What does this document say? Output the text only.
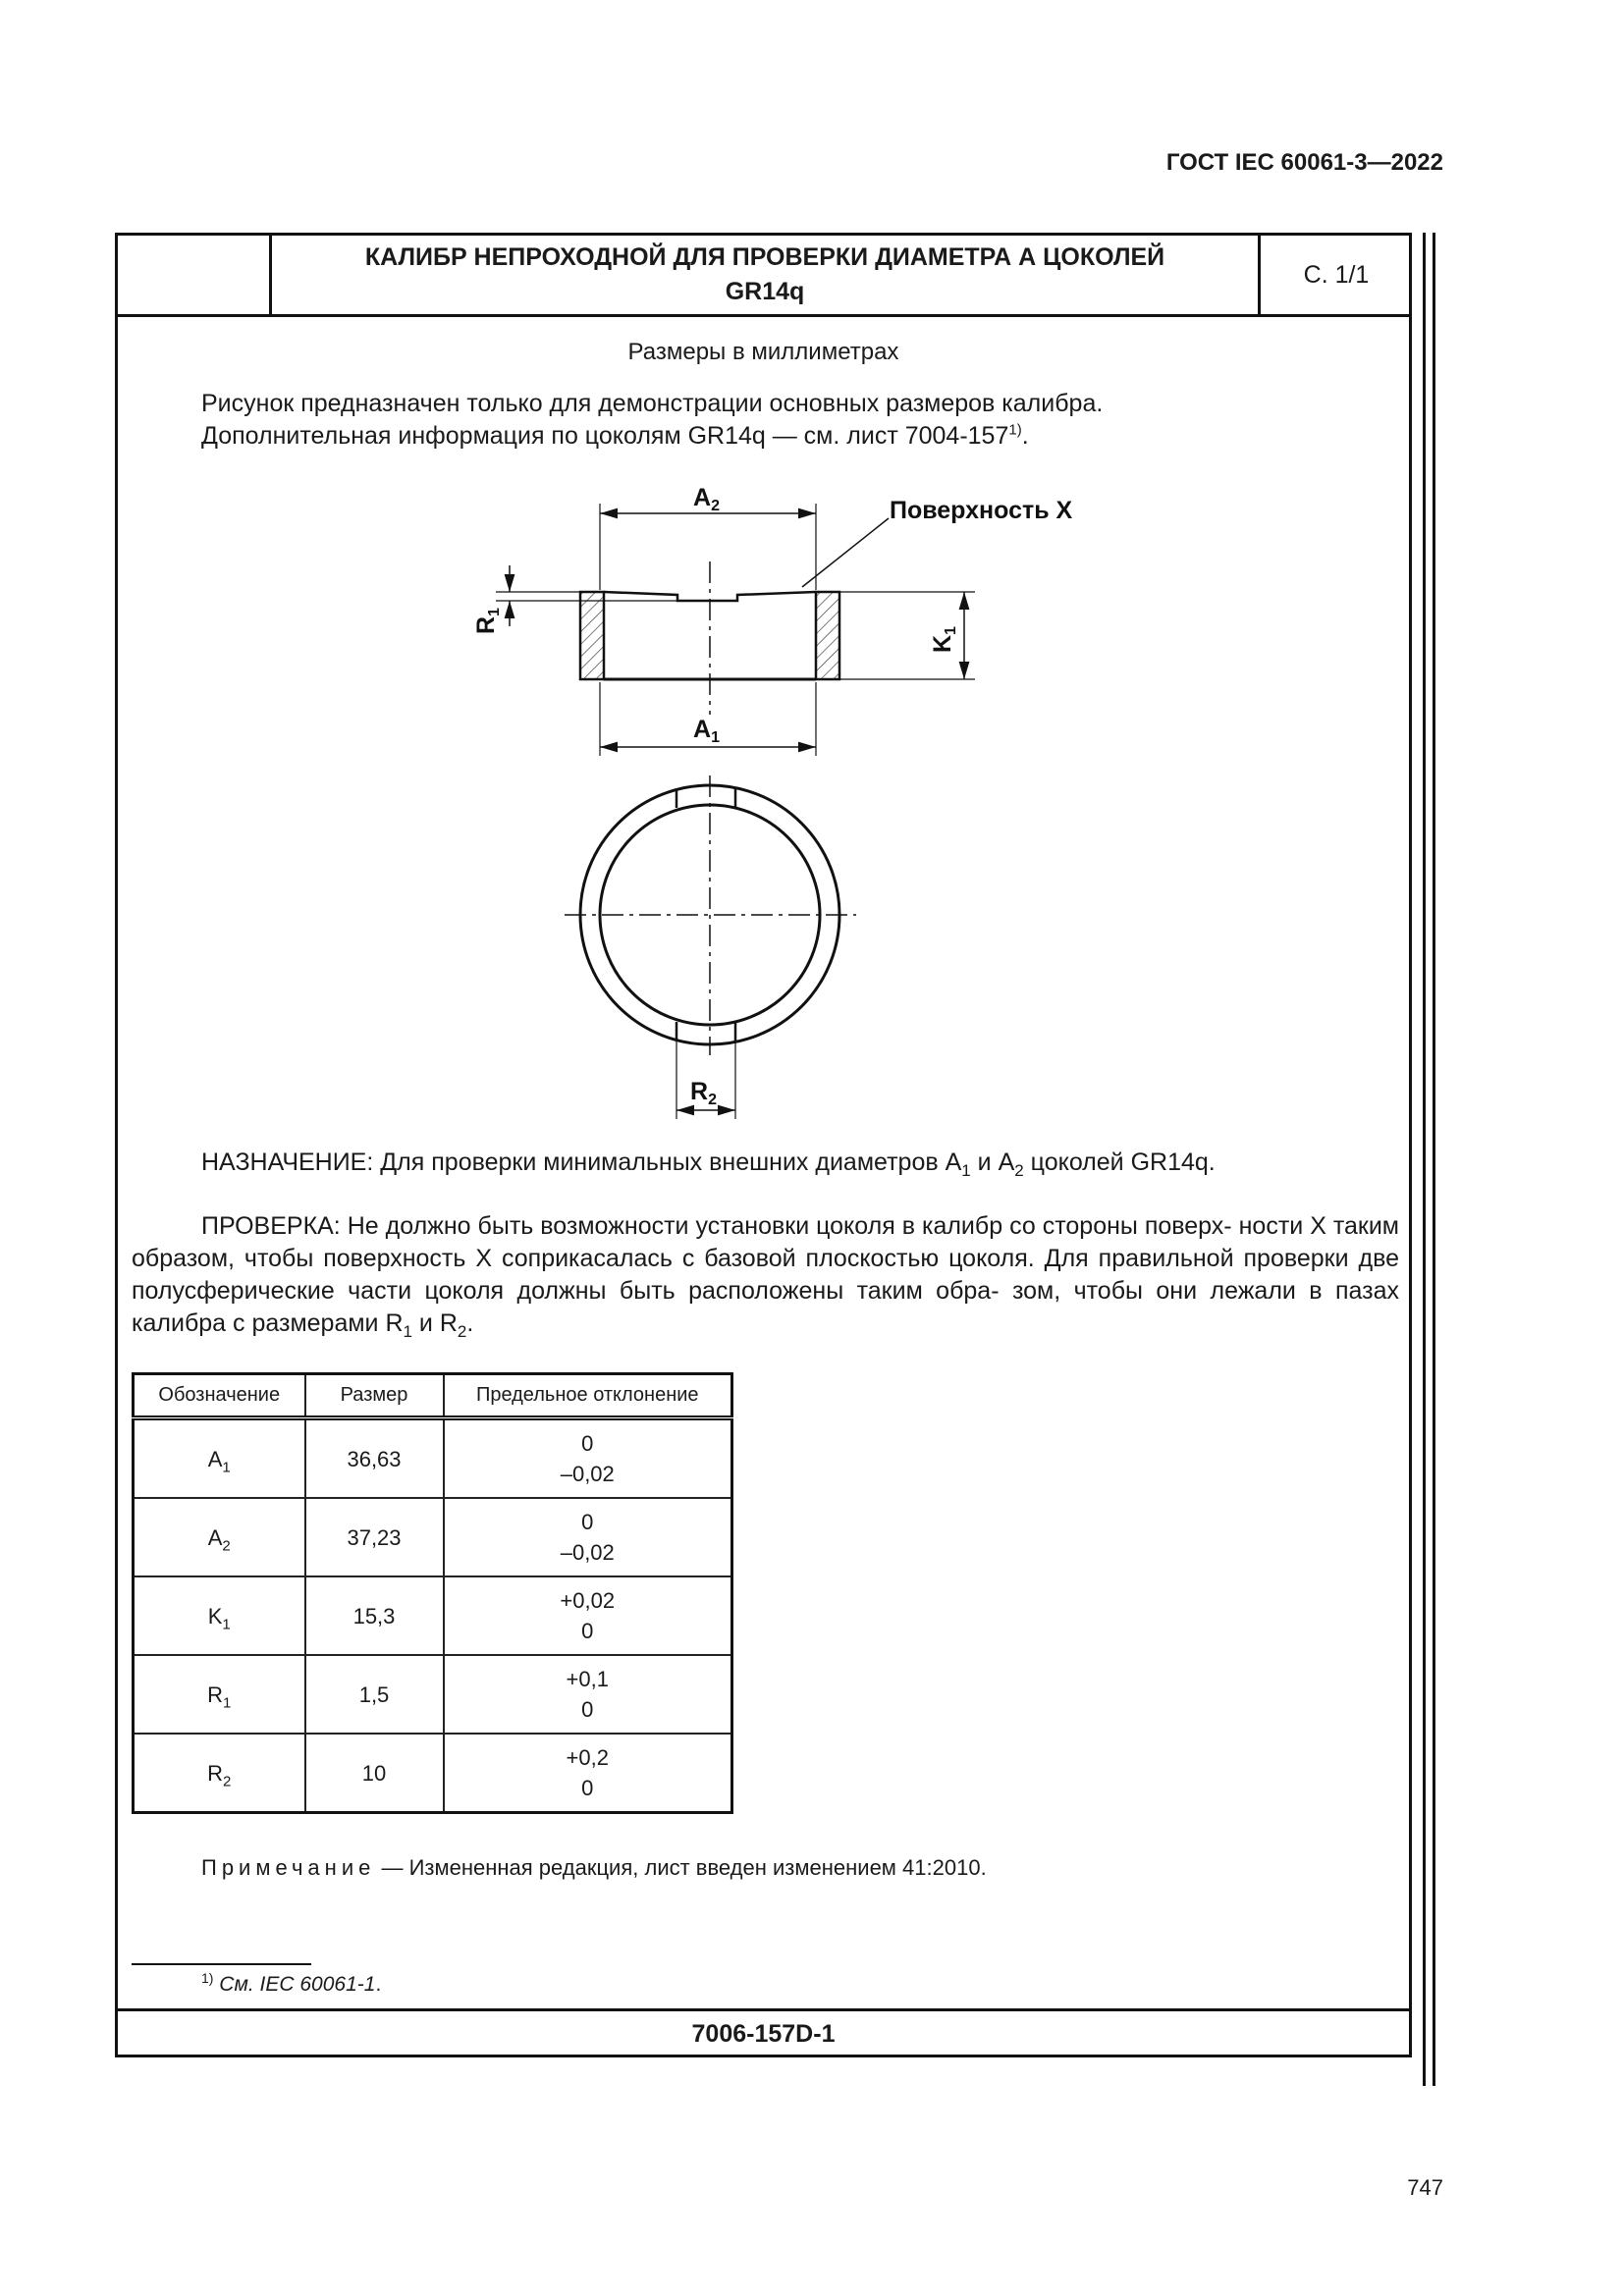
ГОСТ IEC 60061-3—2022
КАЛИБР НЕПРОХОДНОЙ ДЛЯ ПРОВЕРКИ ДИАМЕТРА А ЦОКОЛЕЙ
GR14q
С. 1/1
Размеры в миллиметрах
Рисунок предназначен только для демонстрации основных размеров калибра.
Дополнительная информация по цоколям GR14q — см. лист 7004-157$^{1)}$.
$A_2$	Поверхность X
$A_1$
$R_1$
$K_1$
$R_2$
НАЗНАЧЕНИЕ: Для проверки минимальных внешних диаметров $A_1$ и $A_2$ цоколей GR14q.

ПРОВЕРКА: Не должно быть возможности установки цоколя в калибр со стороны поверх- ности X таким образом, чтобы поверхность X соприкасалась с базовой плоскостью цоколя. Для правильной проверки две полусферические части цоколя должны быть расположены таким обра- зом, чтобы они лежали в пазах калибра с размерами $R_1$ и $R_2$.

Обозначение	Размер	Предельное отклонение
$A_1$	36,63	0
–0,02

$A_2$	37,23	0
–0,02

$K_1$	15,3	+0,02
0

$R_1$	1,5	+0,1
0

$R_2$	10	+0,2
0
Примечание — Измененная редакция, лист введен изменением 41:2010.
$^{1)}$ См. IEC 60061-1.
7006-157D-1
747
